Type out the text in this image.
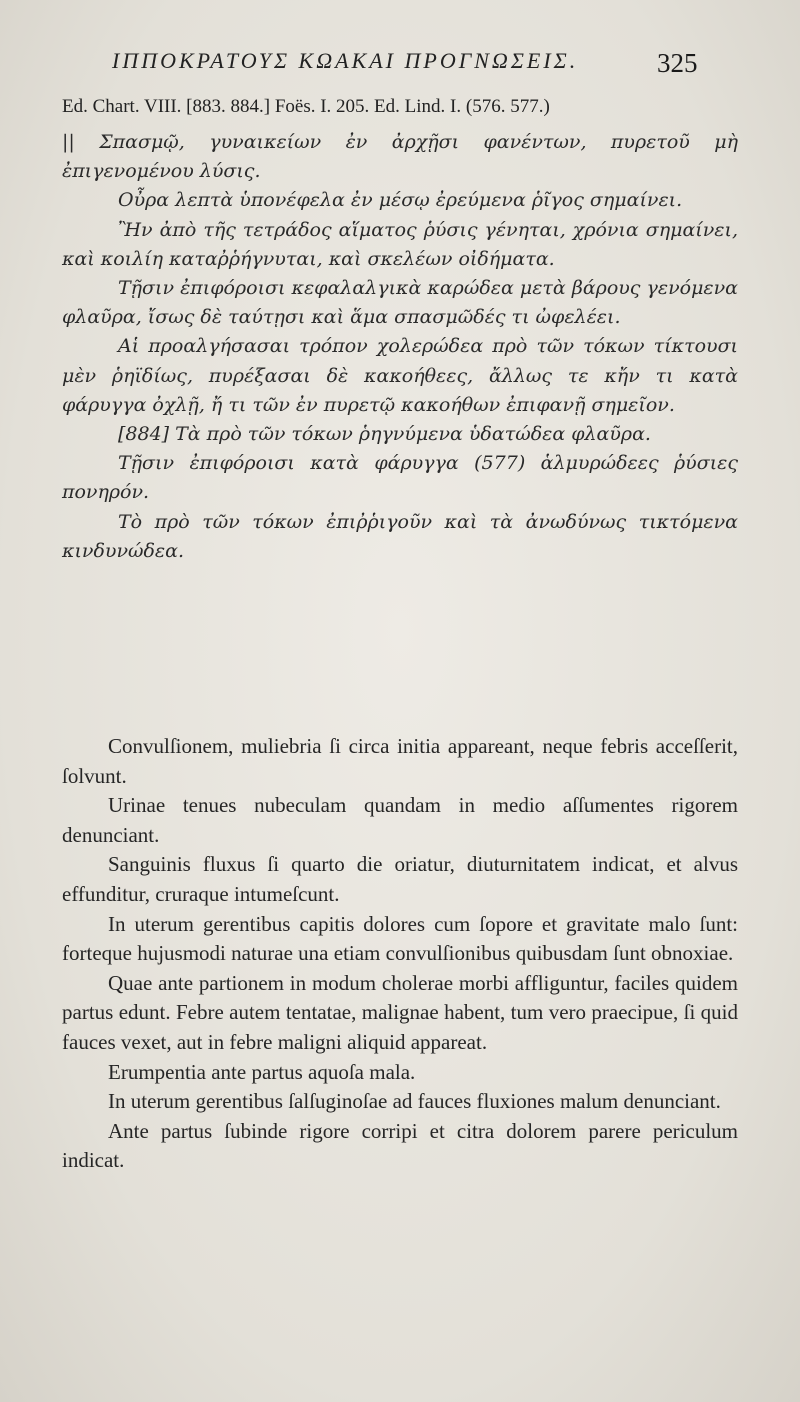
ΙΠΠΟΚΡΑΤΟΥΣ ΚΩΑΚΑΙ ΠΡΟΓΝΩΣΕΙΣ.	325
Ed. Chart. VIII. [883. 884.] Foës. I. 205. Ed. Lind. I. (576. 577.)

|| Σπασμῷ, γυναικείων ἐν ἀρχῇσι φανέντων, πυρετοῦ μὴ ἐπιγενομένου λύσις.

Οὖρα λεπτὰ ὑπονέφελα ἐν μέσῳ ἐρεύμενα ῥῖγος σημαίνει.

Ἢν ἀπὸ τῆς τετράδος αἵματος ῥύσις γένηται, χρόνια σημαίνει, καὶ κοιλίη καταῤῥήγνυται, καὶ σκελέων οἰδήματα.

Τῇσιν ἐπιφόροισι κεφαλαλγικὰ καρώδεα μετὰ βάρους γενόμενα φλαῦρα, ἴσως δὲ ταύτῃσι καὶ ἅμα σπασμῶδές τι ὠφελέει.

Αἱ προαλγήσασαι τρόπον χολερώδεα πρὸ τῶν τόκων τίκτουσι μὲν ῥηϊδίως, πυρέξασαι δὲ κακοήθεες, ἄλλως τε κἤν τι κατὰ φάρυγγα ὀχλῇ, ἤ τι τῶν ἐν πυρετῷ κακοήθων ἐπιφανῇ σημεῖον.

[884] Τὰ πρὸ τῶν τόκων ῥηγνύμενα ὑδατώδεα φλαῦρα.

Τῇσιν ἐπιφόροισι κατὰ φάρυγγα (577) ἁλμυρώδεες ῥύσιες πονηρόν.

Τὸ πρὸ τῶν τόκων ἐπιῤῥιγοῦν καὶ τὰ ἀνωδύνως τικτόμενα κινδυνώδεα.

Convulſionem, muliebria ſi circa initia appareant, neque febris acceſſerit, ſolvunt.

Urinae tenues nubeculam quandam in medio aſſumentes rigorem denunciant.

Sanguinis fluxus ſi quarto die oriatur, diuturnitatem indicat, et alvus effunditur, cruraque intumeſcunt.

In uterum gerentibus capitis dolores cum ſopore et gravitate malo ſunt: forteque hujusmodi naturae una etiam convulſionibus quibusdam ſunt obnoxiae.

Quae ante partionem in modum cholerae morbi affliguntur, faciles quidem partus edunt. Febre autem tentatae, malignae habent, tum vero praecipue, ſi quid fauces vexet, aut in febre maligni aliquid appareat.

Erumpentia ante partus aquoſa mala.

In uterum gerentibus ſalſuginoſae ad fauces fluxiones malum denunciant.

Ante partus ſubinde rigore corripi et citra dolorem parere periculum indicat.
